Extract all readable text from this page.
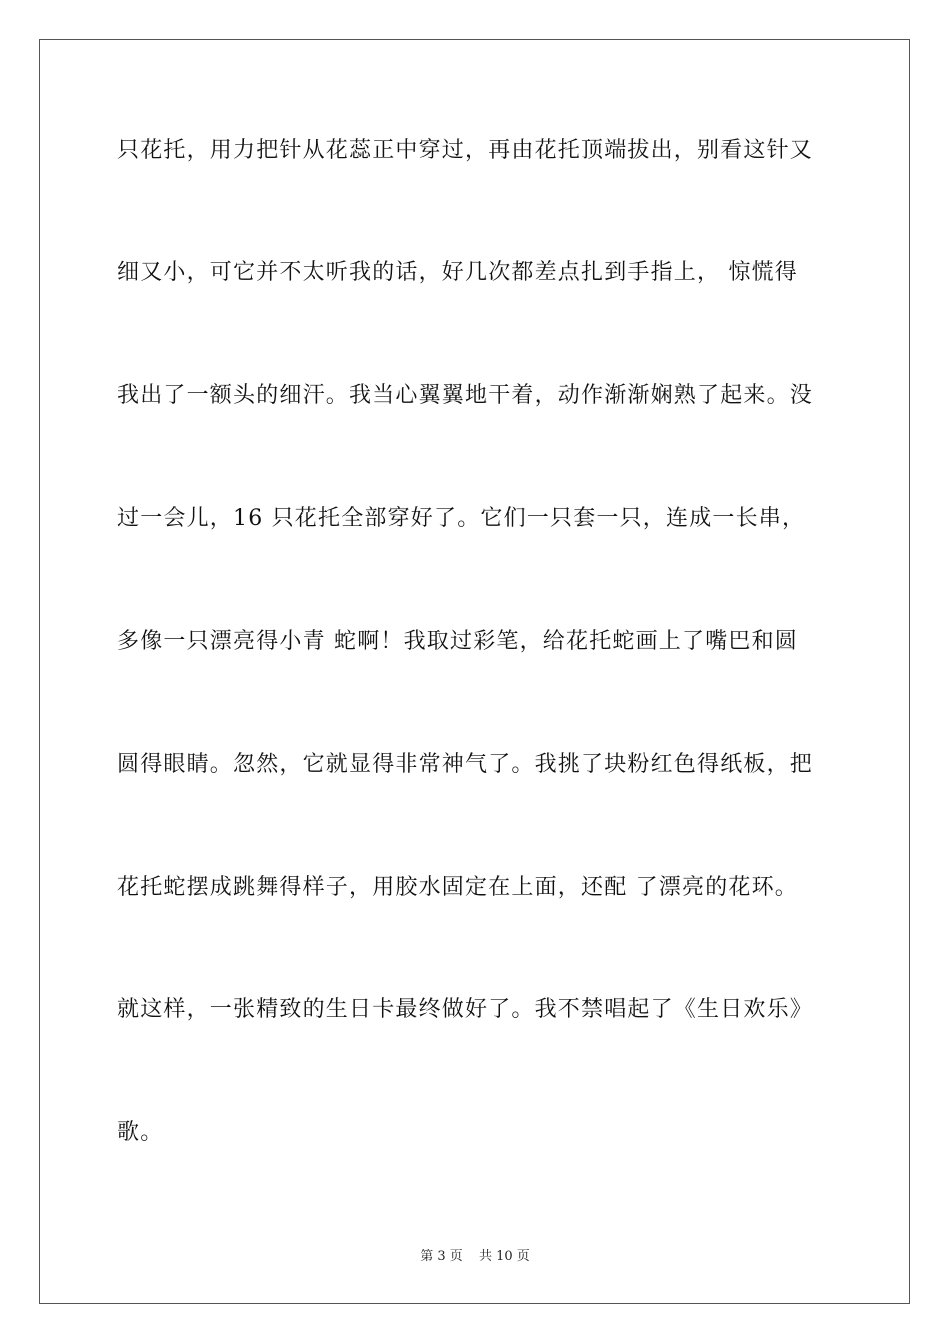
只花托，用力把针从花蕊正中穿过，再由花托顶端拔出，别看这针又
细又小，可它并不太听我的话，好几次都差点扎到手指上， 惊慌得
我出了一额头的细汗。我当心翼翼地干着，动作渐渐娴熟了起来。没
过一会儿，16 只花托全部穿好了。它们一只套一只，连成一长串，
多像一只漂亮得小青 蛇啊！我取过彩笔，给花托蛇画上了嘴巴和圆
圆得眼睛。忽然，它就显得非常神气了。我挑了块粉红色得纸板，把
花托蛇摆成跳舞得样子，用胶水固定在上面，还配 了漂亮的花环。
就这样，一张精致的生日卡最终做好了。我不禁唱起了《生日欢乐》
歌。
第 3 页 共 10 页
